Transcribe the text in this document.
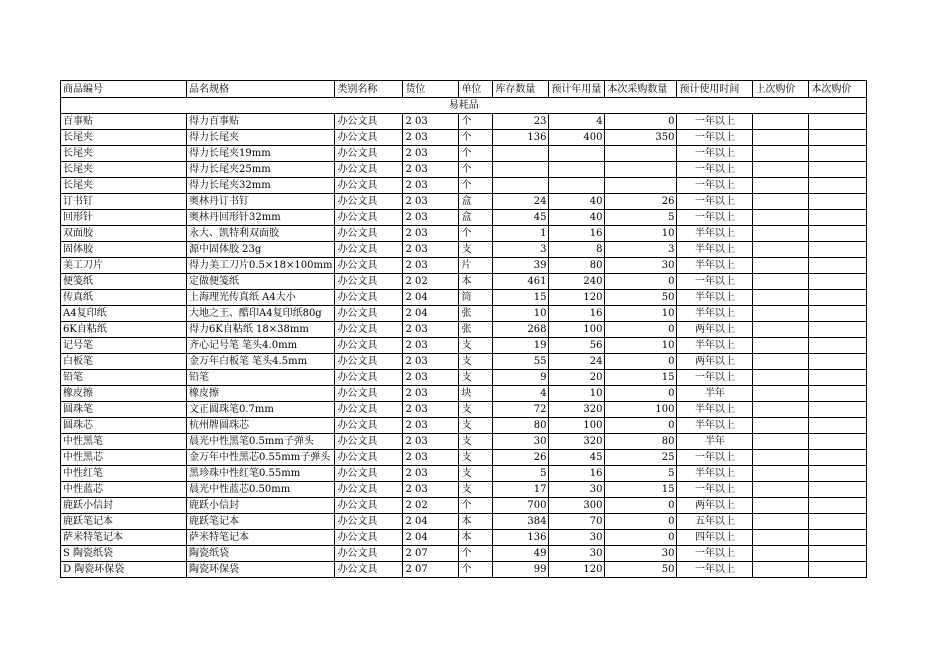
商品编号	品名规格	类别名称	货位	单位	库存数量	预计年用量	本次采购数量	预计使用时间	上次购价	本次购价
易耗品										
百事贴	得力百事贴	办公文具	2 03	个	23	4	0	一年以上		
长尾夹	得力长尾夹	办公文具	2 03	个	136	400	350	一年以上		
长尾夹	得力长尾夹19mm	办公文具	2 03	个				一年以上		
长尾夹	得力长尾夹25mm	办公文具	2 03	个				一年以上		
长尾夹	得力长尾夹32mm	办公文具	2 03	个				一年以上		
订书钉	奥林丹订书钉	办公文具	2 03	盒	24	40	26	一年以上		
回形针	奥林丹回形针32mm	办公文具	2 03	盒	45	40	5	一年以上		
双面胶	永大、凯特利双面胶	办公文具	2 03	个	1	16	10	半年以上		
固体胶	源中固体胶 23g	办公文具	2 03	支	3	8	3	半年以上		
美工刀片	得力美工刀片0.5×18×100mm	办公文具	2 03	片	39	80	30	半年以上		
便笺纸	定做便笺纸	办公文具	2 02	本	461	240	0	一年以上		
传真纸	上海理光传真纸 A4大小	办公文具	2 04	筒	15	120	50	半年以上		
A4复印纸	大地之王、酷印A4复印纸80g	办公文具	2 04	张	10	16	10	半年以上		
6K自粘纸	得力6K自粘纸 18×38mm	办公文具	2 03	张	268	100	0	两年以上		
记号笔	齐心记号笔 笔头4.0mm	办公文具	2 03	支	19	56	10	半年以上		
白板笔	金万年白板笔 笔头4.5mm	办公文具	2 03	支	55	24	0	两年以上		
铅笔	铅笔	办公文具	2 03	支	9	20	15	一年以上		
橡皮擦	橡皮擦	办公文具	2 03	块	4	10	0	半年		
圆珠笔	文正圆珠笔0.7mm	办公文具	2 03	支	72	320	100	半年以上		
圆珠芯	杭州牌圆珠芯	办公文具	2 03	支	80	100	0	半年以上		
中性黑笔	晨光中性黑笔0.5mm子弹头	办公文具	2 03	支	30	320	80	半年		
中性黑芯	金万年中性黑芯0.55mm子弹头	办公文具	2 03	支	26	45	25	一年以上		
中性红笔	黑珍珠中性红笔0.55mm	办公文具	2 03	支	5	16	5	半年以上		
中性蓝芯	晨光中性蓝芯0.50mm	办公文具	2 03	支	17	30	15	一年以上		
鹿跃小信封	鹿跃小信封	办公文具	2 02	个	700	300	0	两年以上		
鹿跃笔记本	鹿跃笔记本	办公文具	2 04	本	384	70	0	五年以上		
萨米特笔记本	萨米特笔记本	办公文具	2 04	本	136	30	0	四年以上		
S 陶瓷纸袋	陶瓷纸袋	办公文具	2 07	个	49	30	30	一年以上		
D 陶瓷环保袋	陶瓷环保袋	办公文具	2 07	个	99	120	50	一年以上		
